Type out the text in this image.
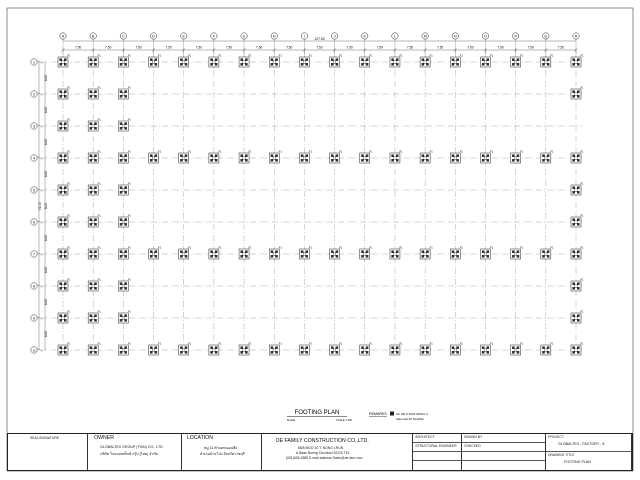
127.50
7.50	7.50	7.50	7.50	7.50	7.50	7.50	7.50	7.50	7.50	7.50	7.50	7.50	7.50	7.50	7.50	7.50
8.00
8.00
8.00
8.00
8.00
8.00
8.00
8.00
8.00
72.00
A	B	C	D	E	F	G	H	I	J	K	L	M	N	O	P	Q	R
1
2
3
4
5
6
7
8
9
10
F1	F1	F1	F1	F1	F1	F1	F1	F1	F1	F1	F1	F1	F1	F1	F1	F1	F1
F1	F1	F1	F1
F1	F1	F1
F1	F1	F1	F1	F1	F1	F1	F1	F1	F1	F1	F1	F1	F1	F1	F1	F1	F1
F1	F1	F1	F1
F1	F1	F1	F1
F1	F1	F1	F1	F1	F1	F1	F1	F1	F1	F1	F1	F1	F1	F1	F1	F1	F1
F1	F1	F1	F1
F1	F1	F1	F1
F1	F1	F1	F1	F1	F1	F1	F1	F1	F1	F1	F1	F1	F1	F1	F1	F1	F1
FOOTING PLAN
SCALE	SCALE 1:100
REMARKS	S2: Pile 0.40X0.40X8.0 m.
Safe load 40 Tons/Pile
SEAL/SIGNATURE	OWNER
GLOBALTEX GROUP (THAI) CO., LTD
บริษัท โกลบอลเท็กซ์ กรุ๊ป (ไทย) จำกัด
LOCATION
หมู่ 11 ตำบลหนองเสือ
อำเภอบ้านโป่ง จังหวัดราชบุรี
DE FAMILY CONSTRUCTION CO.,LTD.
88/8 MOO 10 T. NONG I-RUN
A.Baan Bueng Chonburi 20220 TEL
(081)635-1889 E-mail address Sales@de-fam.com
ARCHITECT
STRUCTURAL ENGINEER
DRAWN BY
CHECKED
PROJECT
GLOBALTEX - FACTORY - 8
DRAWING TITLE
FOOTING PLAN
